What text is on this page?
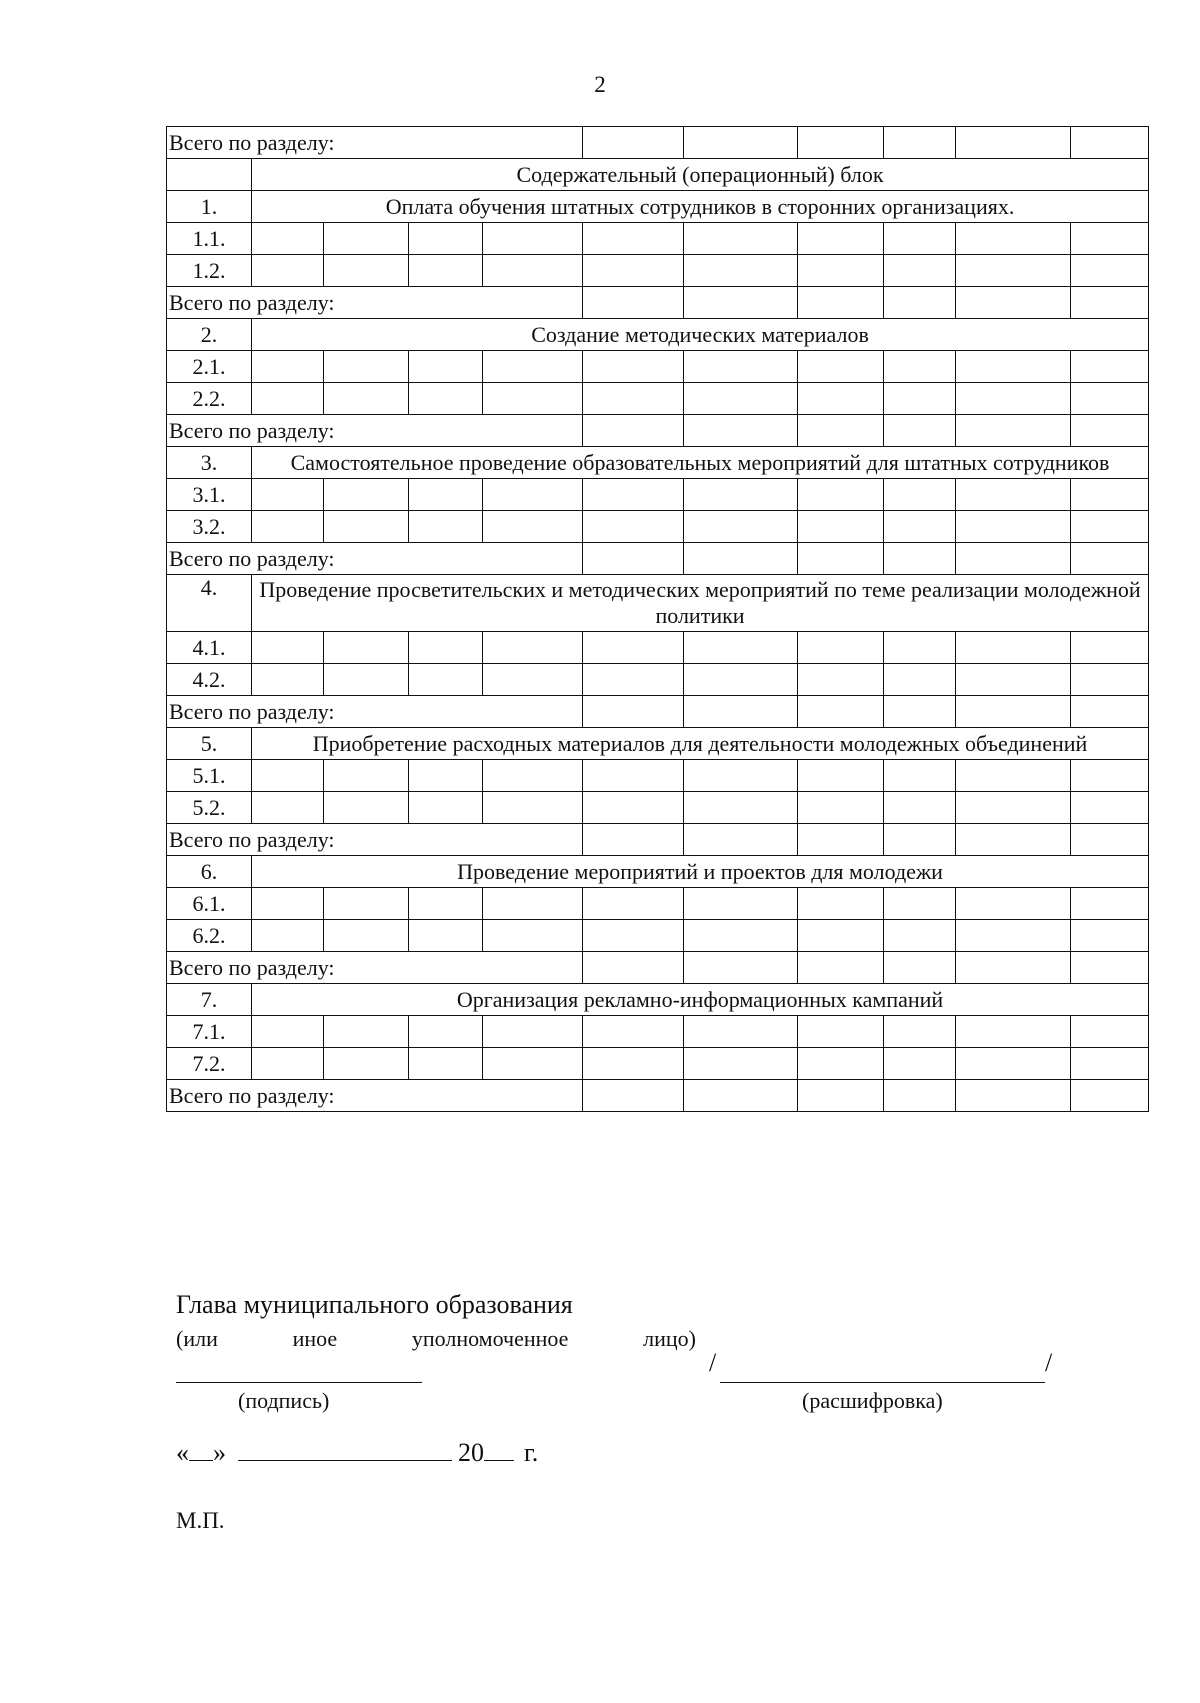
2
Всего по разделу:										
	Содержательный (операционный) блок									
1.	Оплата обучения штатных сотрудников в сторонних организациях.									
1.1.										
1.2.										
Всего по разделу:										
2.	Создание методических материалов									
2.1.										
2.2.										
Всего по разделу:										
3.	Самостоятельное проведение образовательных мероприятий для штатных сотрудников									
3.1.										
3.2.										
Всего по разделу:										
4.	Проведение просветительских и методических мероприятий по теме реализации молодежной политики									
4.1.										
4.2.										
Всего по разделу:										
5.	Приобретение расходных материалов для деятельности молодежных объединений									
5.1.										
5.2.										
Всего по разделу:										
6.	Проведение мероприятий и проектов для молодежи									
6.1.										
6.2.										
Всего по разделу:										
7.	Организация рекламно-информационных кампаний									
7.1.										
7.2.										
Всего по разделу:										
Глава муниципального образования
(или	иное	уполномоченное	лицо)
(подпись)
/	/
(расшифровка)
« »	20 г.
М.П.
